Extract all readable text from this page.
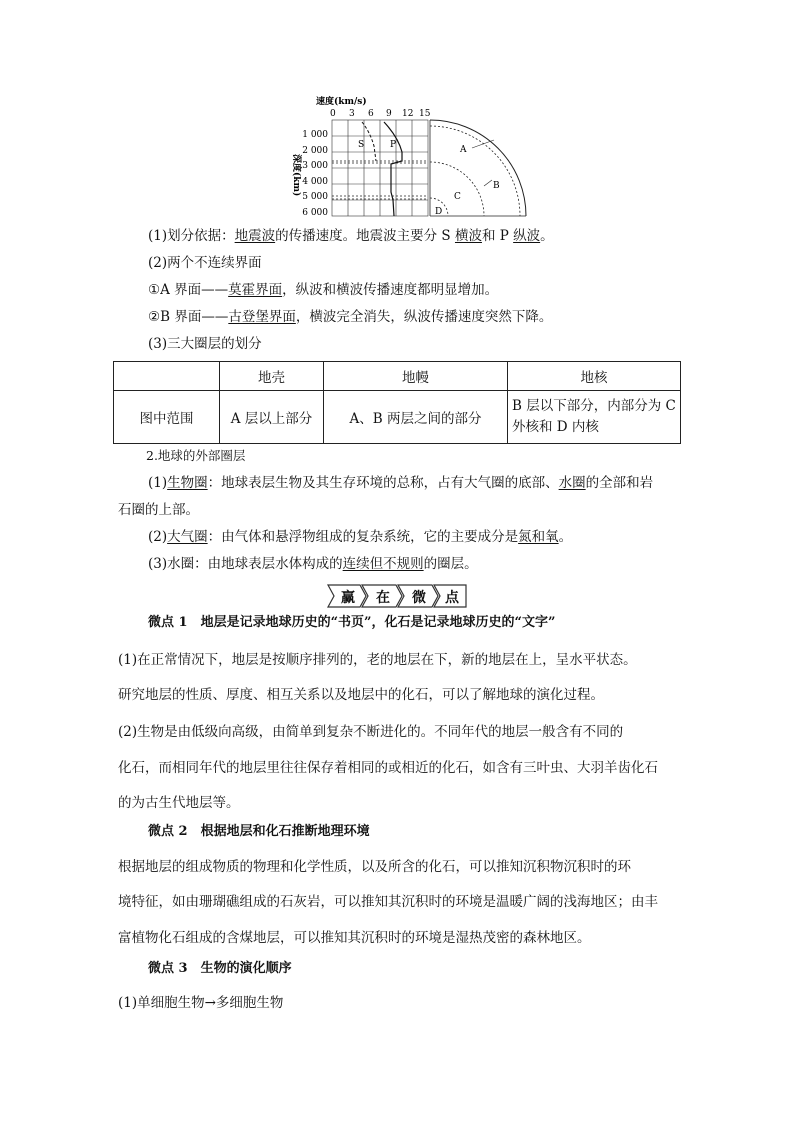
速度(km/s)
0 3 6 9 12 15
1 000
2 000
3 000
4 000
5 000
6 000
深度(km)
S	P	A
B
C
D
(1)划分依据：地震波的传播速度。地震波主要分 S 横波和 P 纵波。
(2)两个不连续界面
①A 界面——莫霍界面，纵波和横波传播速度都明显增加。
②B 界面——古登堡界面，横波完全消失，纵波传播速度突然下降。
(3)三大圈层的划分
	地壳	地幔	地核
图中范围	A 层以上部分	A、B 两层之间的部分	B 层以下部分，内部分为 C 外核和 D 内核
2.地球的外部圈层
(1)生物圈：地球表层生物及其生存环境的总称，占有大气圈的底部、水圈的全部和岩
石圈的上部。
(2)大气圈：由气体和悬浮物组成的复杂系统，它的主要成分是氮和氧。
(3)水圈：由地球表层水体构成的连续但不规则的圈层。
赢 在 微 点
微点 1　地层是记录地球历史的“书页”，化石是记录地球历史的“文字”
(1)在正常情况下，地层是按顺序排列的，老的地层在下，新的地层在上，呈水平状态。
研究地层的性质、厚度、相互关系以及地层中的化石，可以了解地球的演化过程。
(2)生物是由低级向高级，由简单到复杂不断进化的。不同年代的地层一般含有不同的
化石，而相同年代的地层里往往保存着相同的或相近的化石，如含有三叶虫、大羽羊齿化石
的为古生代地层等。
微点 2　根据地层和化石推断地理环境
根据地层的组成物质的物理和化学性质，以及所含的化石，可以推知沉积物沉积时的环
境特征，如由珊瑚礁组成的石灰岩，可以推知其沉积时的环境是温暖广阔的浅海地区；由丰
富植物化石组成的含煤地层，可以推知其沉积时的环境是湿热茂密的森林地区。
微点 3　生物的演化顺序
(1)单细胞生物→多细胞生物
